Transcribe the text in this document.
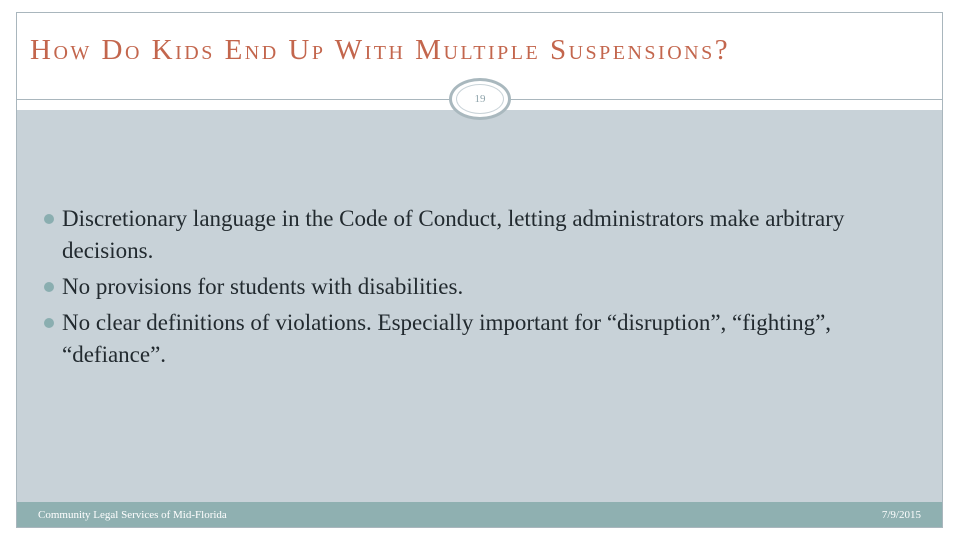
How Do Kids End Up With Multiple Suspensions?
19
Discretionary language in the Code of Conduct, letting administrators make arbitrary decisions.
No provisions for students with disabilities.
No clear definitions of violations. Especially important for “disruption”, “fighting”, “defiance”.
Community Legal Services of Mid-Florida	7/9/2015
